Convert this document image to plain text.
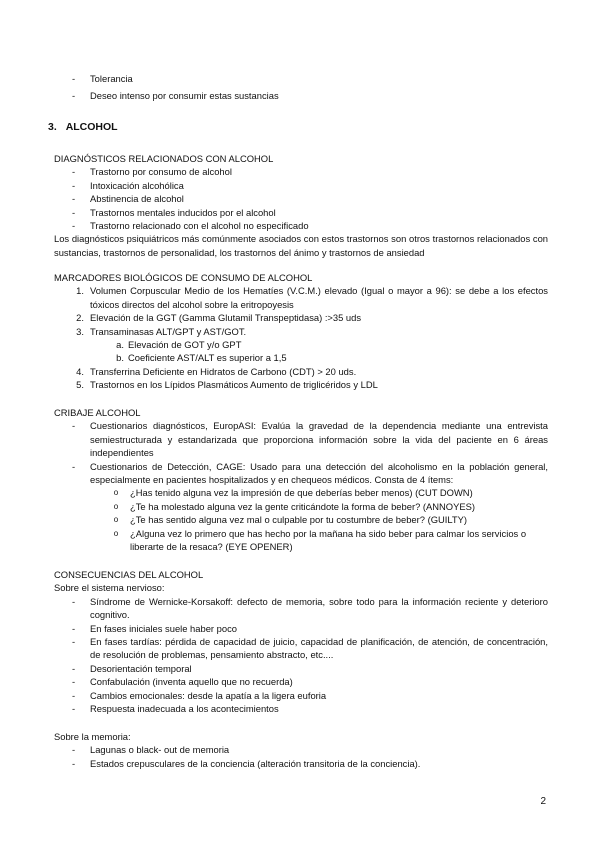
-	Tolerancia
-	Deseo intenso por consumir estas sustancias
3. ALCOHOL
DIAGNÓSTICOS RELACIONADOS CON ALCOHOL
-	Trastorno por consumo de alcohol
-	Intoxicación alcohólica
-	Abstinencia de alcohol
-	Trastornos mentales inducidos por el alcohol
-	Trastorno relacionado con el alcohol no especificado
Los diagnósticos psiquiátricos más comúnmente asociados con estos trastornos son otros trastornos relacionados con sustancias, trastornos de personalidad, los trastornos del ánimo y trastornos de ansiedad
MARCADORES BIOLÓGICOS DE CONSUMO DE ALCOHOL
1. Volumen Corpuscular Medio de los Hematíes (V.C.M.) elevado (Igual o mayor a 96): se debe a los efectos tóxicos directos del alcohol sobre la eritropoyesis
2. Elevación de la GGT (Gamma Glutamil Transpeptidasa) :>35 uds
3. Transaminasas ALT/GPT y AST/GOT.
a. Elevación de GOT y/o GPT
b. Coeficiente AST/ALT es superior a 1,5
4. Transferrina Deficiente en Hidratos de Carbono (CDT) > 20 uds.
5. Trastornos en los Lípidos Plasmáticos Aumento de triglicéridos y LDL
CRIBAJE ALCOHOL
-	Cuestionarios diagnósticos, EuropASI: Evalúa la gravedad de la dependencia mediante una entrevista semiestructurada y estandarizada que proporciona información sobre la vida del paciente en 6 áreas independientes
-	Cuestionarios de Detección, CAGE: Usado para una detección del alcoholismo en la población general, especialmente en pacientes hospitalizados y en chequeos médicos. Consta de 4 ítems:
o	¿Has tenido alguna vez la impresión de que deberías beber menos) (CUT DOWN)
o	¿Te ha molestado alguna vez la gente criticándote la forma de beber? (ANNOYES)
o	¿Te has sentido alguna vez mal o culpable por tu costumbre de beber? (GUILTY)
o	¿Alguna vez lo primero que has hecho por la mañana ha sido beber para calmar los servicios o liberarte de la resaca? (EYE OPENER)
CONSECUENCIAS DEL ALCOHOL
Sobre el sistema nervioso:
-	Síndrome de Wernicke-Korsakoff: defecto de memoria, sobre todo para la información reciente y deterioro cognitivo.
-	En fases iniciales suele haber poco
-	En fases tardías: pérdida de capacidad de juicio, capacidad de planificación, de atención, de concentración, de resolución de problemas, pensamiento abstracto, etc....
-	Desorientación temporal
-	Confabulación (inventa aquello que no recuerda)
-	Cambios emocionales: desde la apatía a la ligera euforia
-	Respuesta inadecuada a los acontecimientos
Sobre la memoria:
-	Lagunas o black- out de memoria
-	Estados crepusculares de la conciencia (alteración transitoria de la conciencia).
2
